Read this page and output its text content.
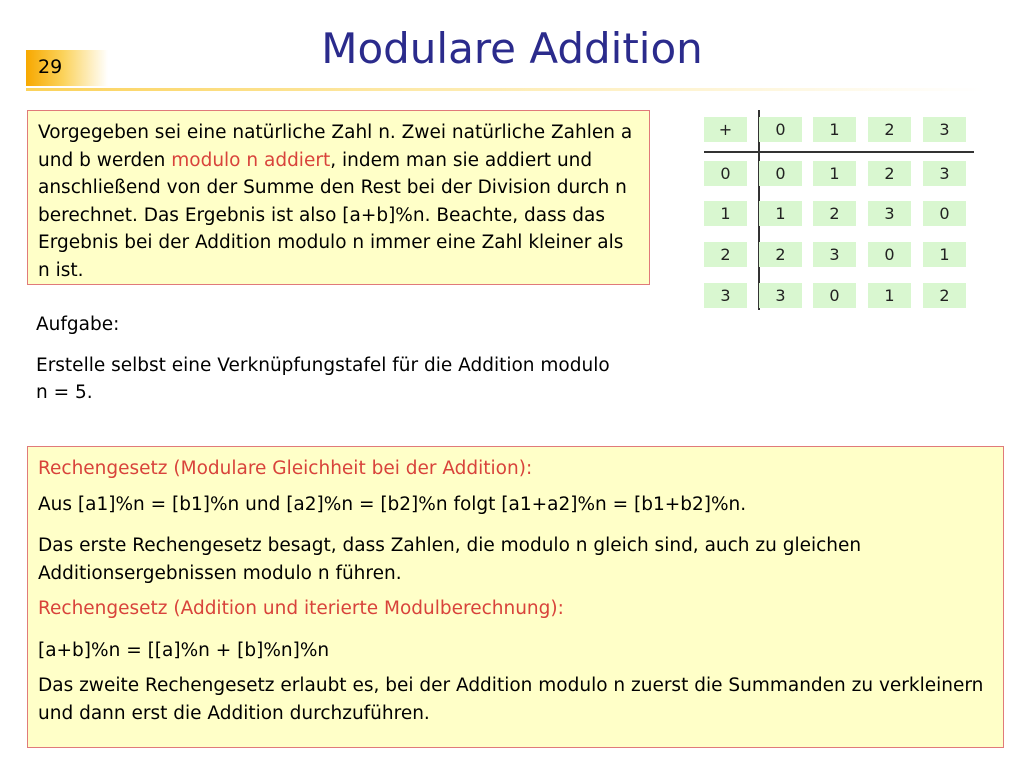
29	Modulare Addition
Vorgegeben sei eine natürliche Zahl n. Zwei natürliche Zahlen a und b werden modulo n addiert, indem man sie addiert und anschließend von der Summe den Rest bei der Division durch n berechnet. Das Ergebnis ist also [a+b]%n. Beachte, dass das Ergebnis bei der Addition modulo n immer eine Zahl kleiner als n ist.
+	0	1	2	3
0	0	1	2	3
1	1	2	3	0
2	2	3	0	1
3	3	0	1	2

Aufgabe:

Erstelle selbst eine Verknüpfungstafel für die Addition modulo n = 5.

Rechengesetz (Modulare Gleichheit bei der Addition):

Aus [a1]%n = [b1]%n und [a2]%n = [b2]%n folgt [a1+a2]%n = [b1+b2]%n.

Das erste Rechengesetz besagt, dass Zahlen, die modulo n gleich sind, auch zu gleichen Additionsergebnissen modulo n führen.

Rechengesetz (Addition und iterierte Modulberechnung):

[a+b]%n = [[a]%n + [b]%n]%n

Das zweite Rechengesetz erlaubt es, bei der Addition modulo n zuerst die Summanden zu verkleinern und dann erst die Addition durchzuführen.
